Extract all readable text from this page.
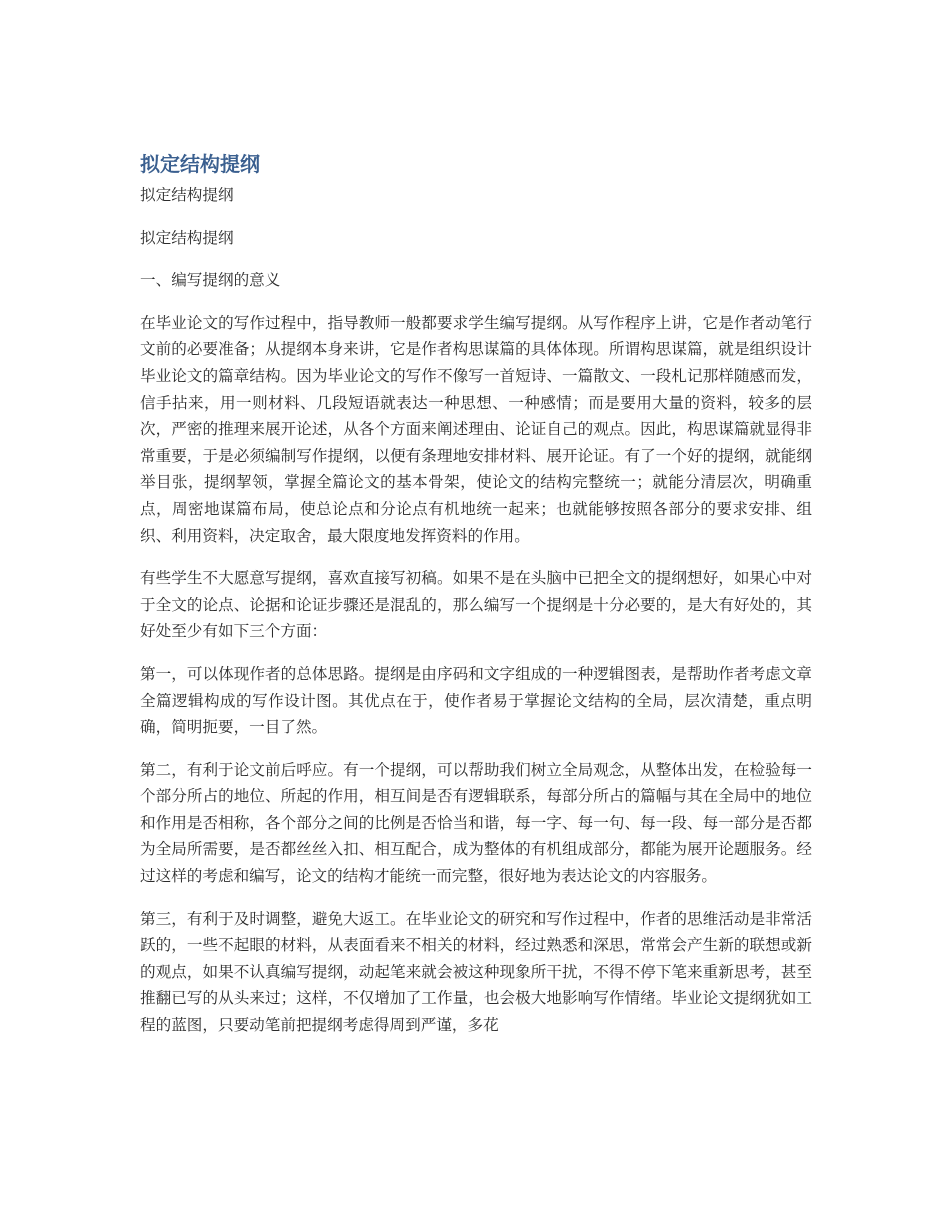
拟定结构提纲

拟定结构提纲

拟定结构提纲

一、编写提纲的意义

在毕业论文的写作过程中，指导教师一般都要求学生编写提纲。从写作程序上讲，它是作者动笔行文前的必要准备；从提纲本身来讲，它是作者构思谋篇的具体体现。所谓构思谋篇，就是组织设计毕业论文的篇章结构。因为毕业论文的写作不像写一首短诗、一篇散文、一段札记那样随感而发，信手拈来，用一则材料、几段短语就表达一种思想、一种感情；而是要用大量的资料，较多的层次，严密的推理来展开论述，从各个方面来阐述理由、论证自己的观点。因此，构思谋篇就显得非常重要，于是必须编制写作提纲，以便有条理地安排材料、展开论证。有了一个好的提纲，就能纲举目张，提纲挈领，掌握全篇论文的基本骨架，使论文的结构完整统一；就能分清层次，明确重点，周密地谋篇布局，使总论点和分论点有机地统一起来；也就能够按照各部分的要求安排、组织、利用资料，决定取舍，最大限度地发挥资料的作用。

有些学生不大愿意写提纲，喜欢直接写初稿。如果不是在头脑中已把全文的提纲想好，如果心中对于全文的论点、论据和论证步骤还是混乱的，那么编写一个提纲是十分必要的，是大有好处的，其好处至少有如下三个方面：

第一，可以体现作者的总体思路。提纲是由序码和文字组成的一种逻辑图表，是帮助作者考虑文章全篇逻辑构成的写作设计图。其优点在于，使作者易于掌握论文结构的全局，层次清楚，重点明确，简明扼要，一目了然。

第二，有利于论文前后呼应。有一个提纲，可以帮助我们树立全局观念，从整体出发，在检验每一个部分所占的地位、所起的作用，相互间是否有逻辑联系，每部分所占的篇幅与其在全局中的地位和作用是否相称，各个部分之间的比例是否恰当和谐，每一字、每一句、每一段、每一部分是否都为全局所需要，是否都丝丝入扣、相互配合，成为整体的有机组成部分，都能为展开论题服务。经过这样的考虑和编写，论文的结构才能统一而完整，很好地为表达论文的内容服务。

第三，有利于及时调整，避免大返工。在毕业论文的研究和写作过程中，作者的思维活动是非常活跃的，一些不起眼的材料，从表面看来不相关的材料，经过熟悉和深思，常常会产生新的联想或新的观点，如果不认真编写提纲，动起笔来就会被这种现象所干扰，不得不停下笔来重新思考，甚至推翻已写的从头来过；这样，不仅增加了工作量，也会极大地影响写作情绪。毕业论文提纲犹如工程的蓝图，只要动笔前把提纲考虑得周到严谨，多花
